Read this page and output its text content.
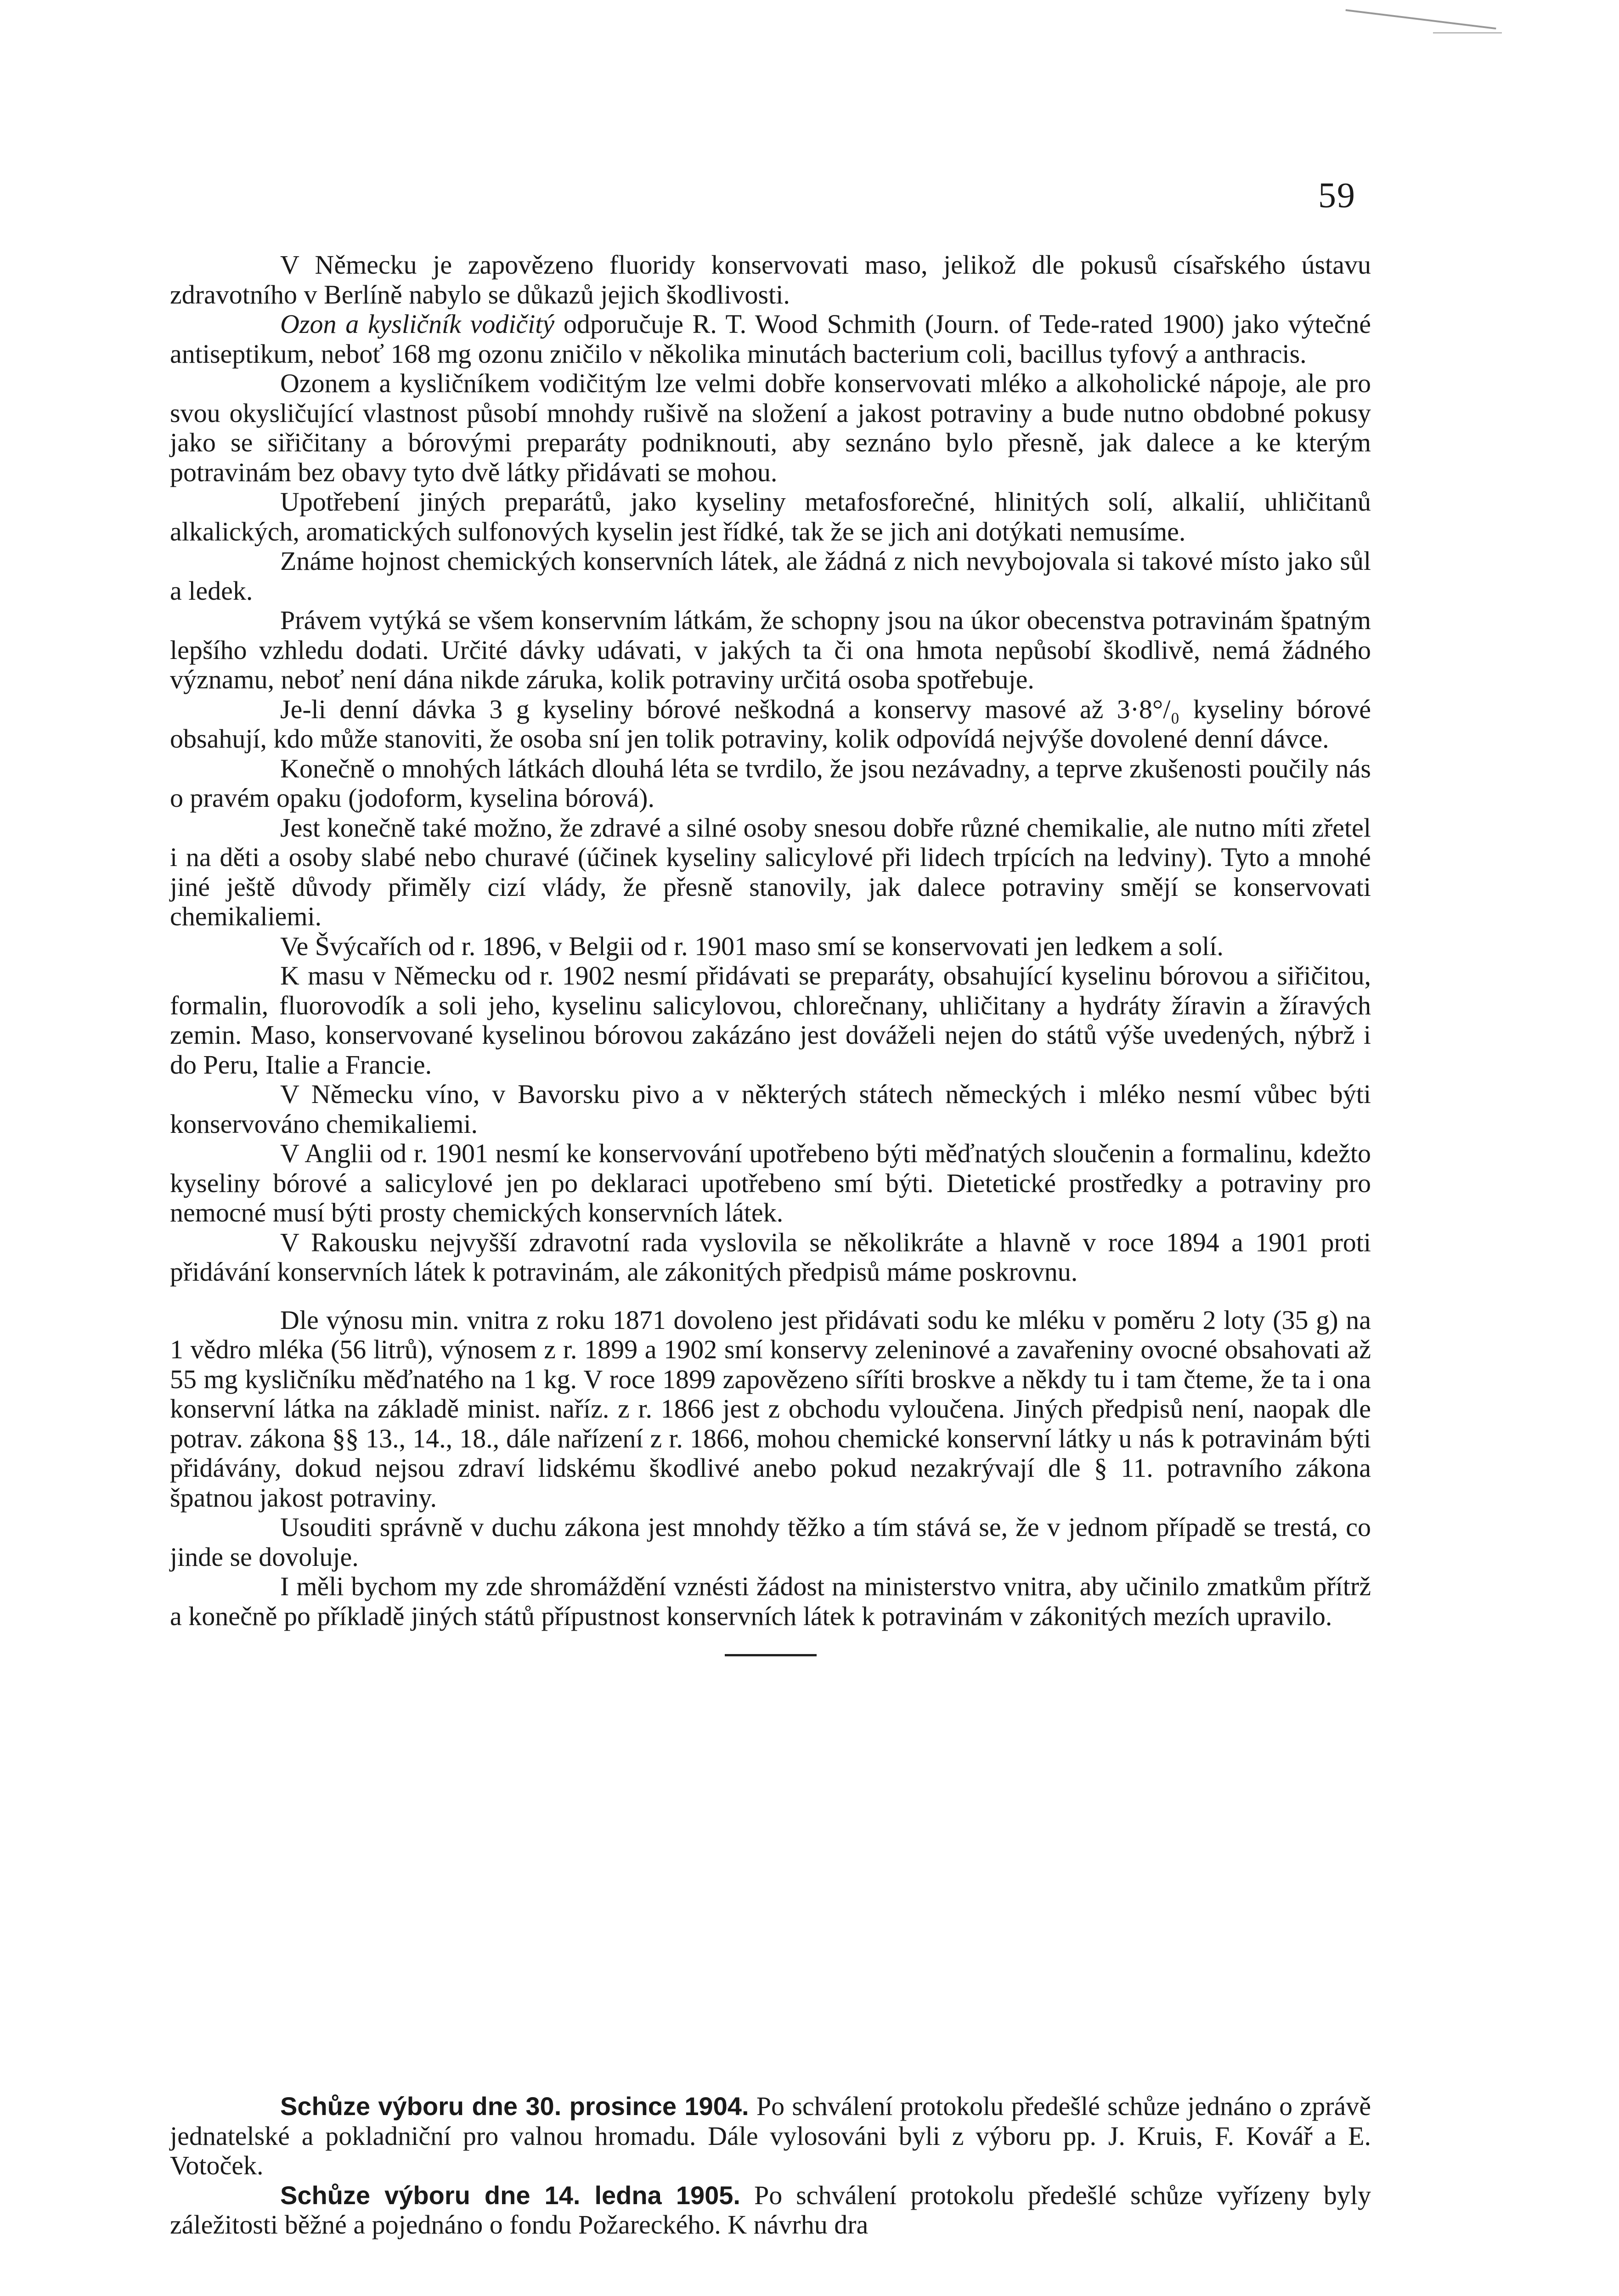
59

V Německu je zapovězeno fluoridy konservovati maso, jelikož dle pokusů císařského ústavu zdravotního v Berlíně nabylo se důkazů jejich škodlivosti.

Ozon a kysličník vodičitý odporučuje R. T. Wood Schmith (Journ. of Tede-rated 1900) jako výtečné antiseptikum, neboť 168 mg ozonu zničilo v několika minutách bacterium coli, bacillus tyfový a anthracis.

Ozonem a kysličníkem vodičitým lze velmi dobře konservovati mléko a alkoholické nápoje, ale pro svou okysličující vlastnost působí mnohdy rušivě na složení a jakost potraviny a bude nutno obdobné pokusy jako se siřičitany a bórovými preparáty podniknouti, aby seznáno bylo přesně, jak dalece a ke kterým potravinám bez obavy tyto dvě látky přidávati se mohou.

Upotřebení jiných preparátů, jako kyseliny metafosforečné, hlinitých solí, alkalií, uhličitanů alkalických, aromatických sulfonových kyselin jest řídké, tak že se jich ani dotýkati nemusíme.

Známe hojnost chemických konservních látek, ale žádná z nich nevybojovala si takové místo jako sůl a ledek.

Právem vytýká se všem konservním látkám, že schopny jsou na úkor obecenstva potravinám špatným lepšího vzhledu dodati. Určité dávky udávati, v jakých ta či ona hmota nepůsobí škodlivě, nemá žádného významu, neboť není dána nikde záruka, kolik potraviny určitá osoba spotřebuje.

Je-li denní dávka 3 g kyseliny bórové neškodná a konservy masové až 3·8°/₀ kyseliny bórové obsahují, kdo může stanoviti, že osoba sní jen tolik potraviny, kolik odpovídá nejvýše dovolené denní dávce.

Konečně o mnohých látkách dlouhá léta se tvrdilo, že jsou nezávadny, a teprve zkušenosti poučily nás o pravém opaku (jodoform, kyselina bórová).

Jest konečně také možno, že zdravé a silné osoby snesou dobře různé chemikalie, ale nutno míti zřetel i na děti a osoby slabé nebo churavé (účinek kyseliny salicylové při lidech trpících na ledviny). Tyto a mnohé jiné ještě důvody přiměly cizí vlády, že přesně stanovily, jak dalece potraviny smějí se konservovati chemikaliemi.

Ve Švýcařích od r. 1896, v Belgii od r. 1901 maso smí se konservovati jen ledkem a solí.

K masu v Německu od r. 1902 nesmí přidávati se preparáty, obsahující kyselinu bórovou a siřičitou, formalin, fluorovodík a soli jeho, kyselinu salicylovou, chlorečnany, uhličitany a hydráty žíravin a žíravých zemin. Maso, konservované kyselinou bórovou zakázáno jest dováželi nejen do států výše uvedených, nýbrž i do Peru, Italie a Francie.

V Německu víno, v Bavorsku pivo a v některých státech německých i mléko nesmí vůbec býti konservováno chemikaliemi.

V Anglii od r. 1901 nesmí ke konservování upotřebeno býti měďnatých sloučenin a formalinu, kdežto kyseliny bórové a salicylové jen po deklaraci upotřebeno smí býti. Dietetické prostředky a potraviny pro nemocné musí býti prosty chemických konservních látek.

V Rakousku nejvyšší zdravotní rada vyslovila se několikráte a hlavně v roce 1894 a 1901 proti přidávání konservních látek k potravinám, ale zákonitých předpisů máme poskrovnu.

Dle výnosu min. vnitra z roku 1871 dovoleno jest přidávati sodu ke mléku v poměru 2 loty (35 g) na 1 vědro mléka (56 litrů), výnosem z r. 1899 a 1902 smí konservy zeleninové a zavařeniny ovocné obsahovati až 55 mg kysličníku měďnatého na 1 kg. V roce 1899 zapovězeno síříti broskve a někdy tu i tam čteme, že ta i ona konservní látka na základě minist. naříz. z r. 1866 jest z obchodu vyloučena. Jiných předpisů není, naopak dle potrav. zákona §§ 13., 14., 18., dále nařízení z r. 1866, mohou chemické konservní látky u nás k potravinám býti přidávány, dokud nejsou zdraví lidskému škodlivé anebo pokud nezakrývají dle § 11. potravního zákona špatnou jakost potraviny.

Usouditi správně v duchu zákona jest mnohdy těžko a tím stává se, že v jednom případě se trestá, co jinde se dovoluje.

I měli bychom my zde shromáždění vznésti žádost na ministerstvo vnitra, aby učinilo zmatkům přítrž a konečně po příkladě jiných států přípustnost konservních látek k potravinám v zákonitých mezích upravilo.

Schůze výboru dne 30. prosince 1904. Po schválení protokolu předešlé schůze jednáno o zprávě jednatelské a pokladniční pro valnou hromadu. Dále vylosováni byli z výboru pp. J. Kruis, F. Kovář a E. Votoček.

Schůze výboru dne 14. ledna 1905. Po schválení protokolu předešlé schůze vyřízeny byly záležitosti běžné a pojednáno o fondu Požareckého. K návrhu dra
